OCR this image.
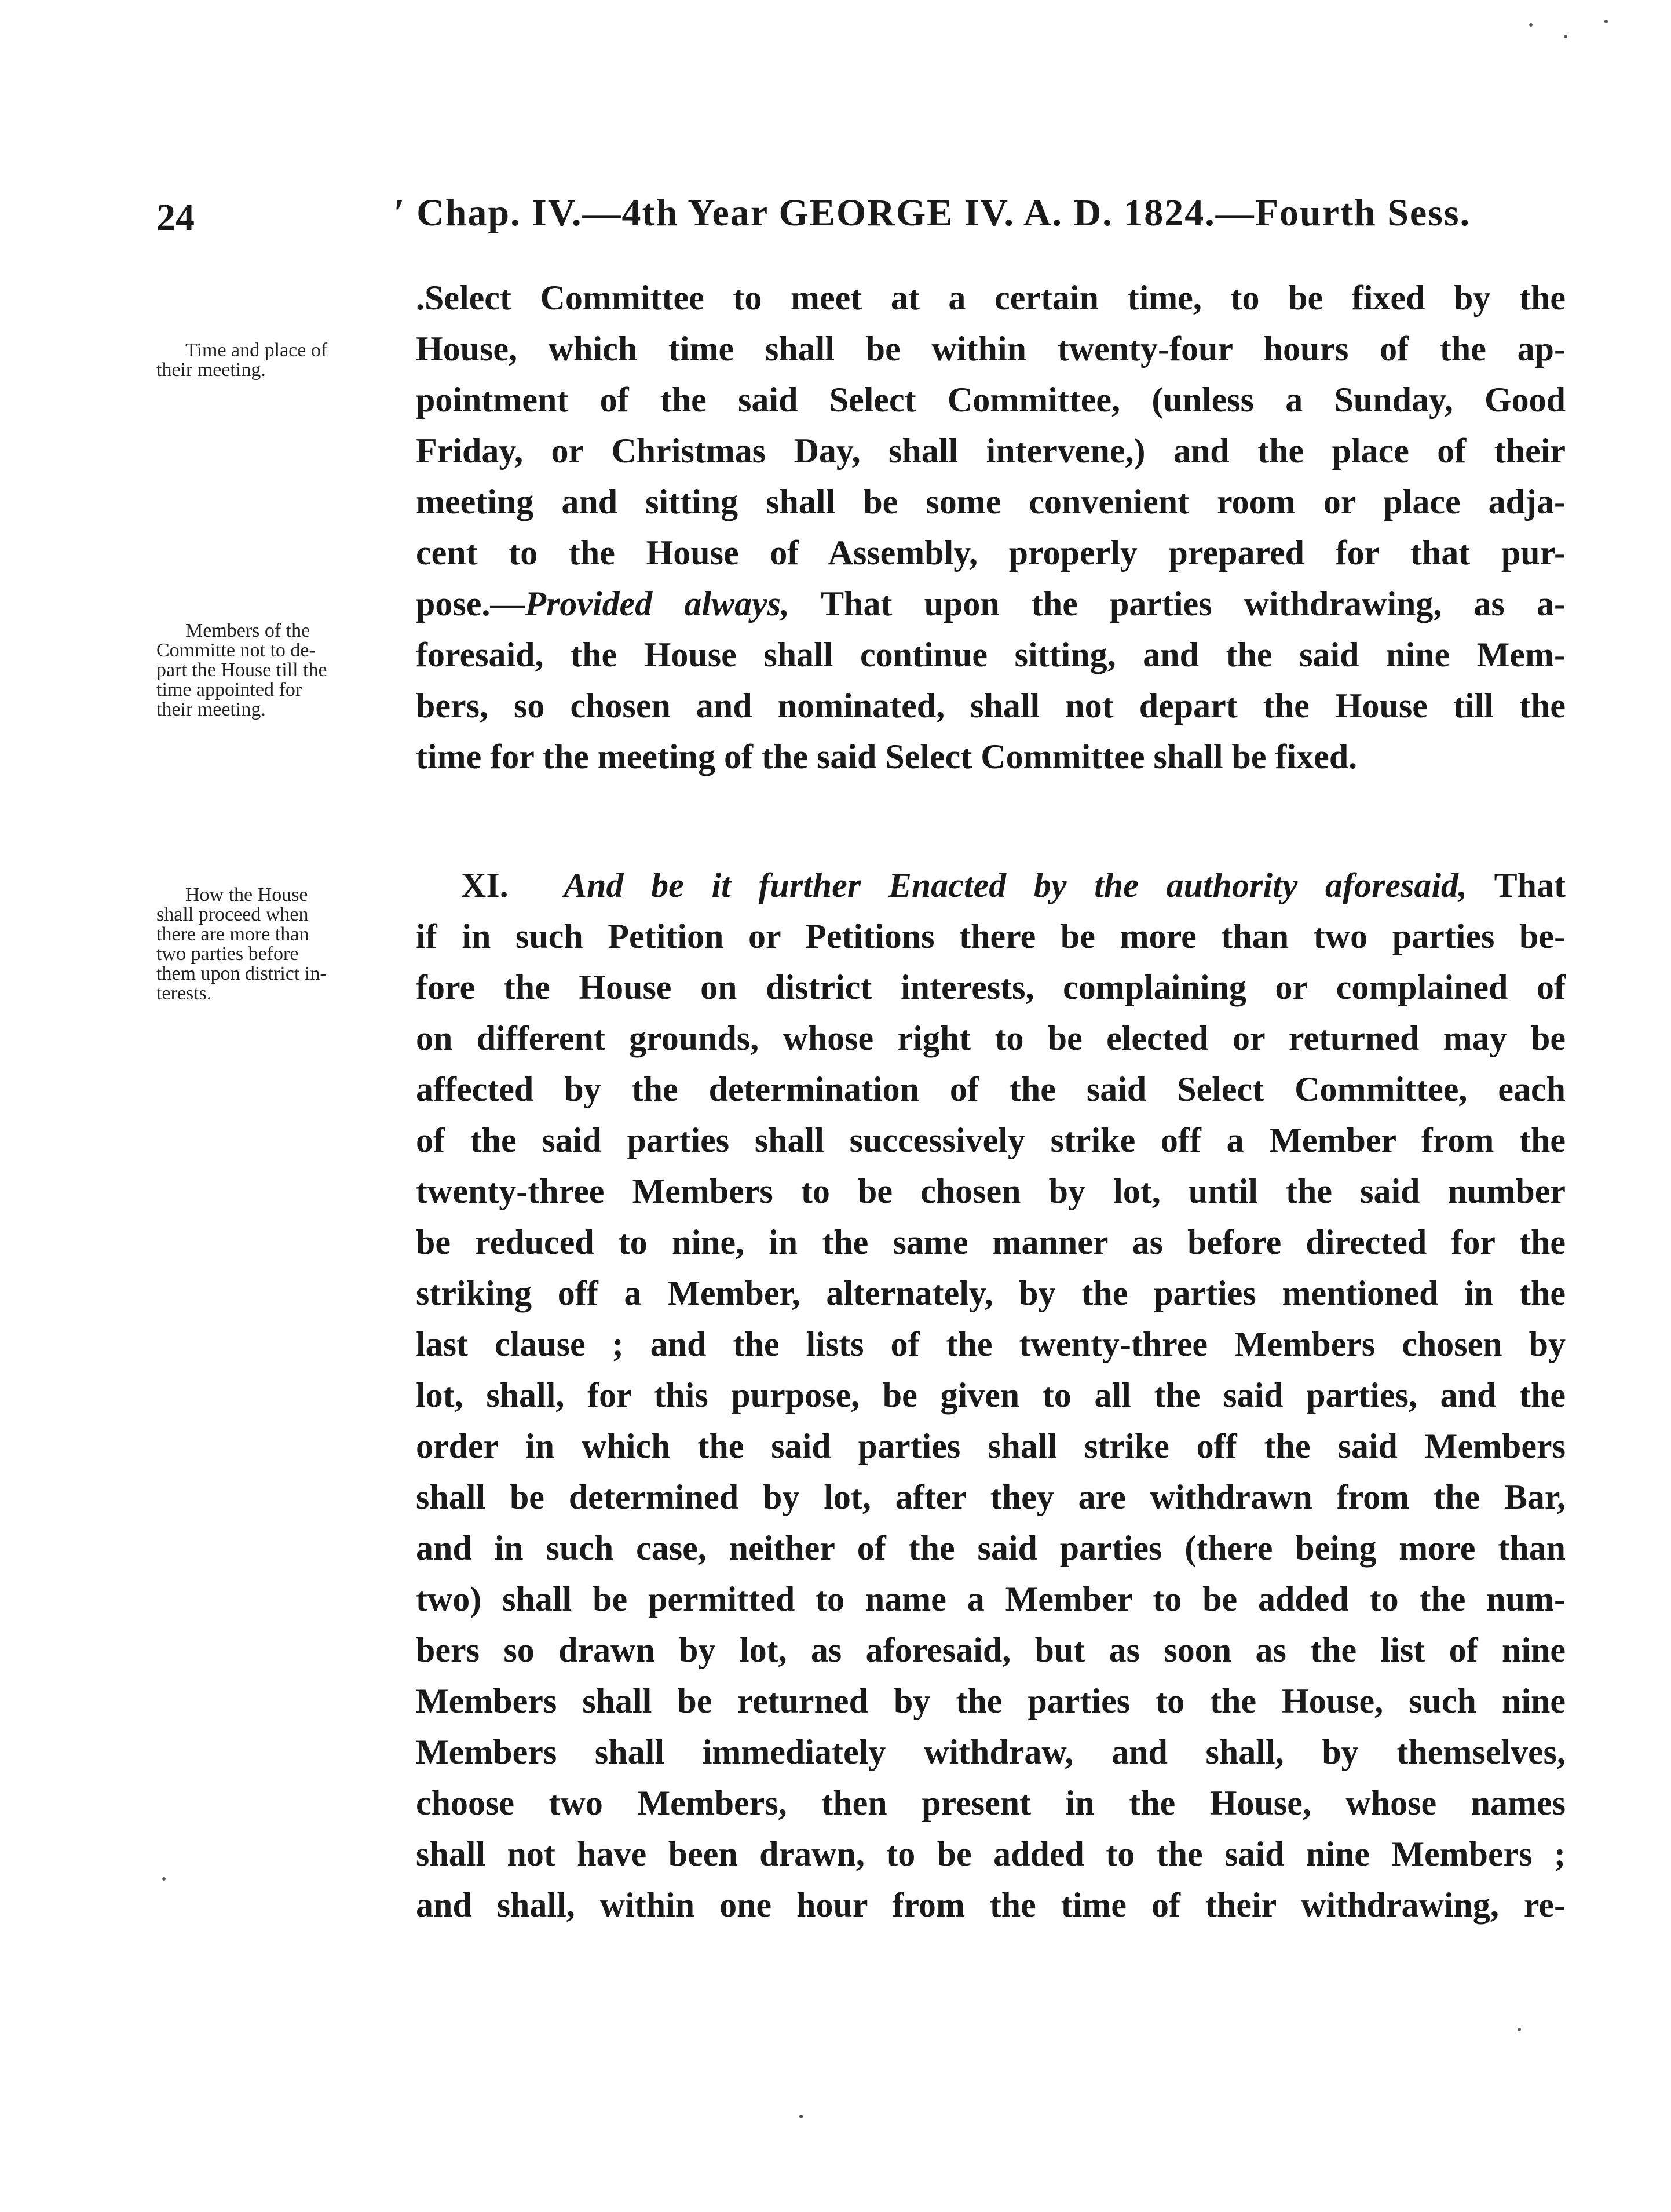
24	′ Chap. IV.—4th Year GEORGE IV. A. D. 1824.—Fourth Sess.
Time and place of
their meeting.
Members of the
Committe not to de-
part the House till the
time appointed for
their meeting.
How the House
shall proceed when
there are more than
two parties before
them upon district in-
terests.
.Select Committee to meet at a certain time, to be fixed by the
House, which time shall be within twenty-four hours of the ap-
pointment of the said Select Committee, (unless a Sunday, Good
Friday, or Christmas Day, shall intervene,) and the place of their
meeting and sitting shall be some convenient room or place adja-
cent to the House of Assembly, properly prepared for that pur-
pose.—Provided always, That upon the parties withdrawing, as a-
foresaid, the House shall continue sitting, and the said nine Mem-
bers, so chosen and nominated, shall not depart the House till the
time for the meeting of the said Select Committee shall be fixed.
XI. And be it further Enacted by the authority aforesaid, That
if in such Petition or Petitions there be more than two parties be-
fore the House on district interests, complaining or complained of
on different grounds, whose right to be elected or returned may be
affected by the determination of the said Select Committee, each
of the said parties shall successively strike off a Member from the
twenty-three Members to be chosen by lot, until the said number
be reduced to nine, in the same manner as before directed for the
striking off a Member, alternately, by the parties mentioned in the
last clause ; and the lists of the twenty-three Members chosen by
lot, shall, for this purpose, be given to all the said parties, and the
order in which the said parties shall strike off the said Members
shall be determined by lot, after they are withdrawn from the Bar,
and in such case, neither of the said parties (there being more than
two) shall be permitted to name a Member to be added to the num-
bers so drawn by lot, as aforesaid, but as soon as the list of nine
Members shall be returned by the parties to the House, such nine
Members shall immediately withdraw, and shall, by themselves,
choose two Members, then present in the House, whose names
shall not have been drawn, to be added to the said nine Members ;
and shall, within one hour from the time of their withdrawing, re-
